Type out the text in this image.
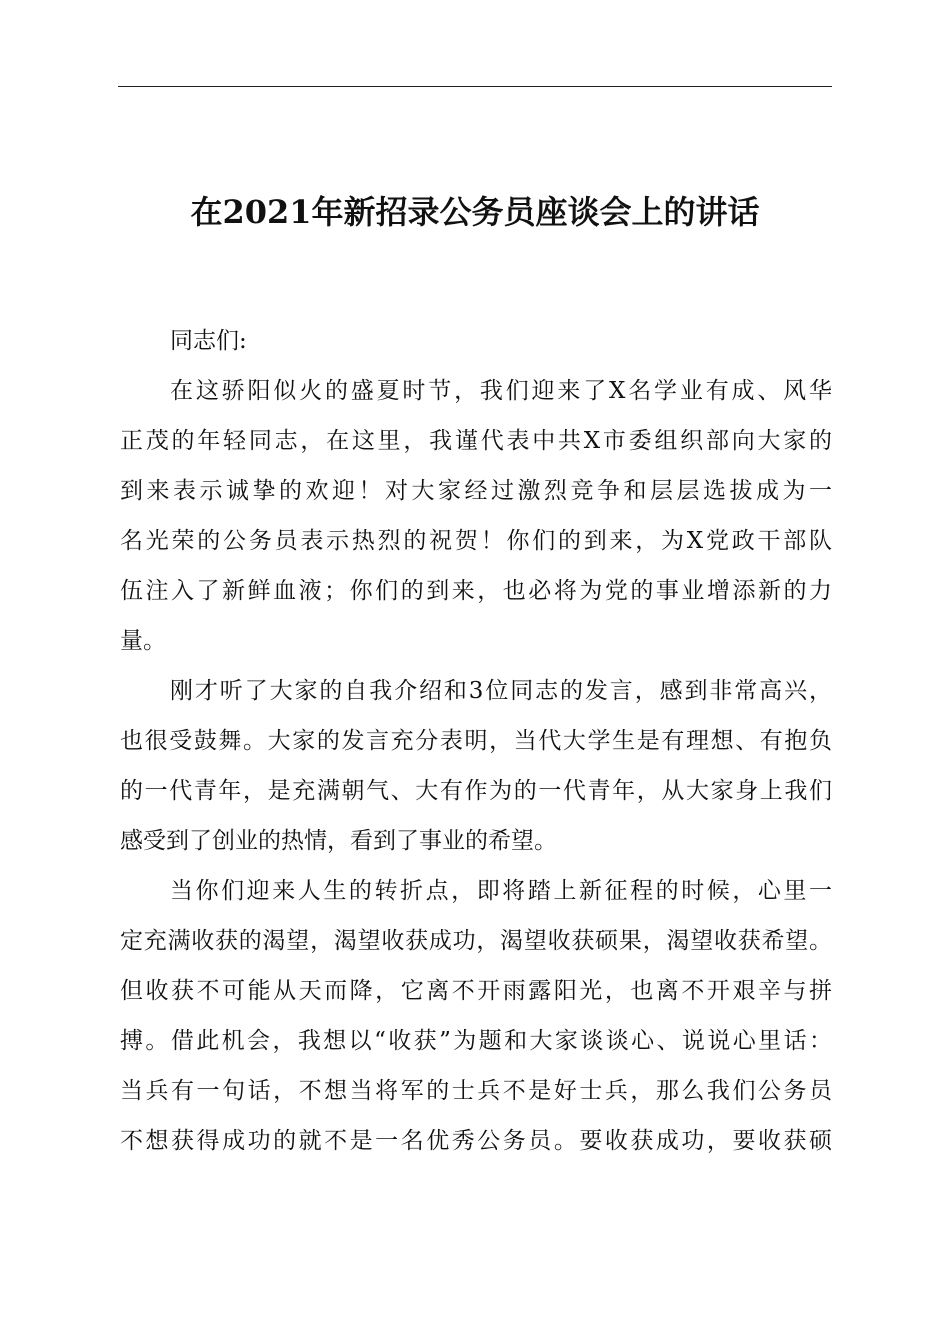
在2021年新招录公务员座谈会上的讲话
同志们:
在这骄阳似火的盛夏时节，我们迎来了X名学业有成、风华
正茂的年轻同志，在这里，我谨代表中共X市委组织部向大家的
到来表示诚挚的欢迎！对大家经过激烈竞争和层层选拔成为一
名光荣的公务员表示热烈的祝贺！你们的到来，为X党政干部队
伍注入了新鲜血液；你们的到来，也必将为党的事业增添新的力
量。
刚才听了大家的自我介绍和3位同志的发言，感到非常高兴，
也很受鼓舞。大家的发言充分表明，当代大学生是有理想、有抱负
的一代青年，是充满朝气、大有作为的一代青年，从大家身上我们
感受到了创业的热情，看到了事业的希望。
当你们迎来人生的转折点，即将踏上新征程的时候，心里一
定充满收获的渴望，渴望收获成功，渴望收获硕果，渴望收获希望。
但收获不可能从天而降，它离不开雨露阳光，也离不开艰辛与拼
搏。借此机会，我想以“收获”为题和大家谈谈心、说说心里话：
当兵有一句话，不想当将军的士兵不是好士兵，那么我们公务员
不想获得成功的就不是一名优秀公务员。要收获成功，要收获硕
